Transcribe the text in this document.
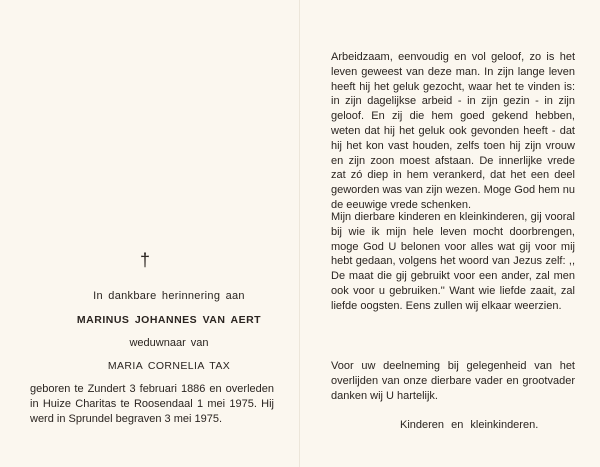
†
In dankbare herinnering aan
MARINUS JOHANNES VAN AERT
weduwnaar van
MARIA CORNELIA TAX
geboren te Zundert 3 februari 1886 en overleden in Huize Charitas te Roosendaal 1 mei 1975. Hij werd in Sprundel begraven 3 mei 1975.
Arbeidzaam, eenvoudig en vol geloof, zo is het leven geweest van deze man. In zijn lange leven heeft hij het geluk gezocht, waar het te vinden is: in zijn dagelijkse arbeid - in zijn gezin - in zijn geloof. En zij die hem goed gekend hebben, weten dat hij het geluk ook gevonden heeft - dat hij het kon vast houden, zelfs toen hij zijn vrouw en zijn zoon moest afstaan. De innerlijke vrede zat zó diep in hem verankerd, dat het een deel geworden was van zijn wezen. Moge God hem nu de eeuwige vrede schenken.
Mijn dierbare kinderen en kleinkinderen, gij vooral bij wie ik mijn hele leven mocht doorbrengen, moge God U belonen voor alles wat gij voor mij hebt gedaan, volgens het woord van Jezus zelf: ,, De maat die gij gebruikt voor een ander, zal men ook voor u gebruiken.'' Want wie liefde zaait, zal liefde oogsten. Eens zullen wij elkaar weerzien.
Voor uw deelneming bij gelegenheid van het overlijden van onze dierbare vader en grootvader danken wij U hartelijk.
Kinderen en kleinkinderen.
